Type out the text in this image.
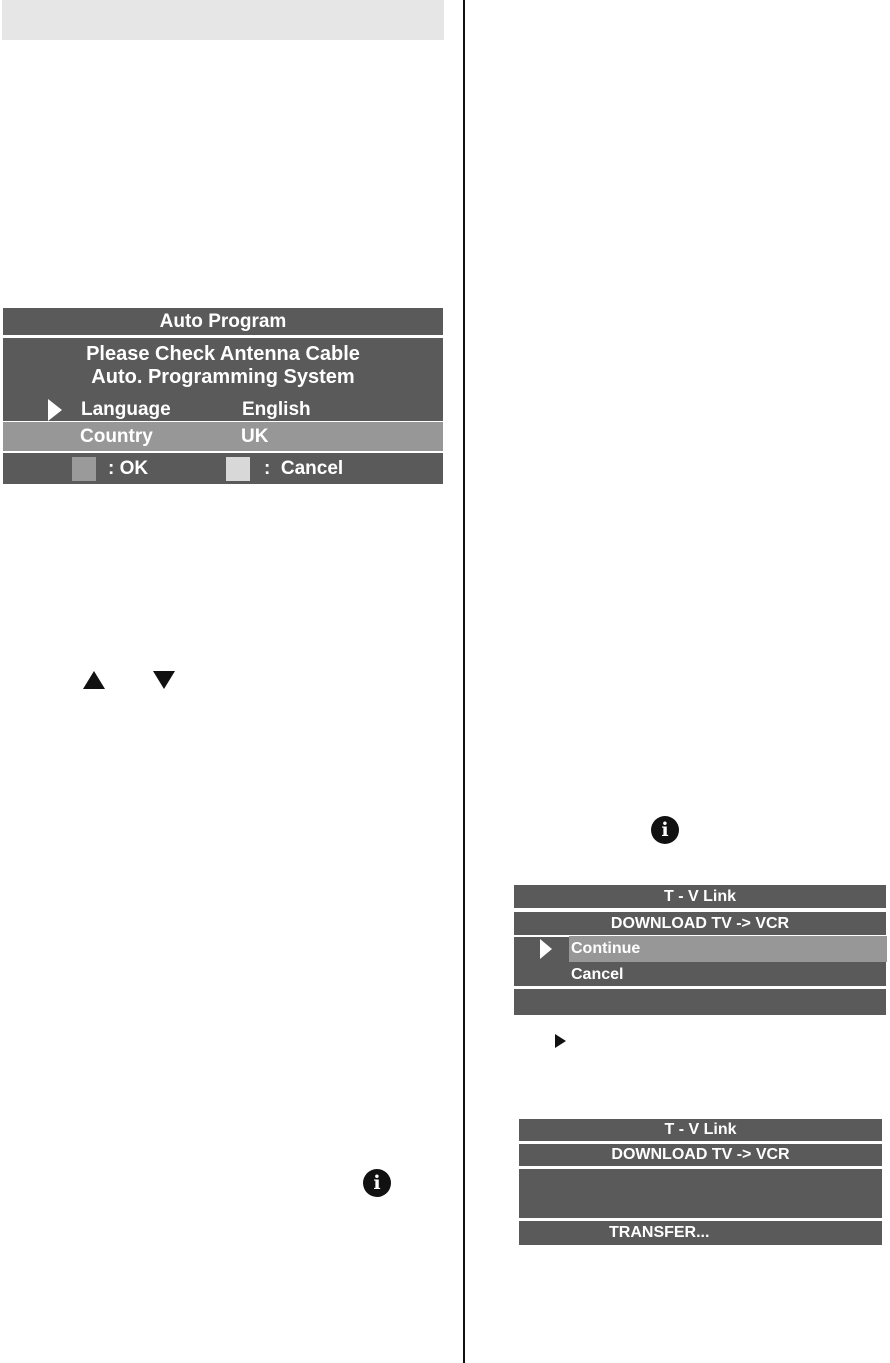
Auto Program
Please Check Antenna Cable
Auto. Programming System
Language	English
Country	UK
: OK	:  Cancel
i
i
T - V Link
DOWNLOAD TV -> VCR
Continue
Cancel
T - V Link
DOWNLOAD TV -> VCR
TRANSFER...
